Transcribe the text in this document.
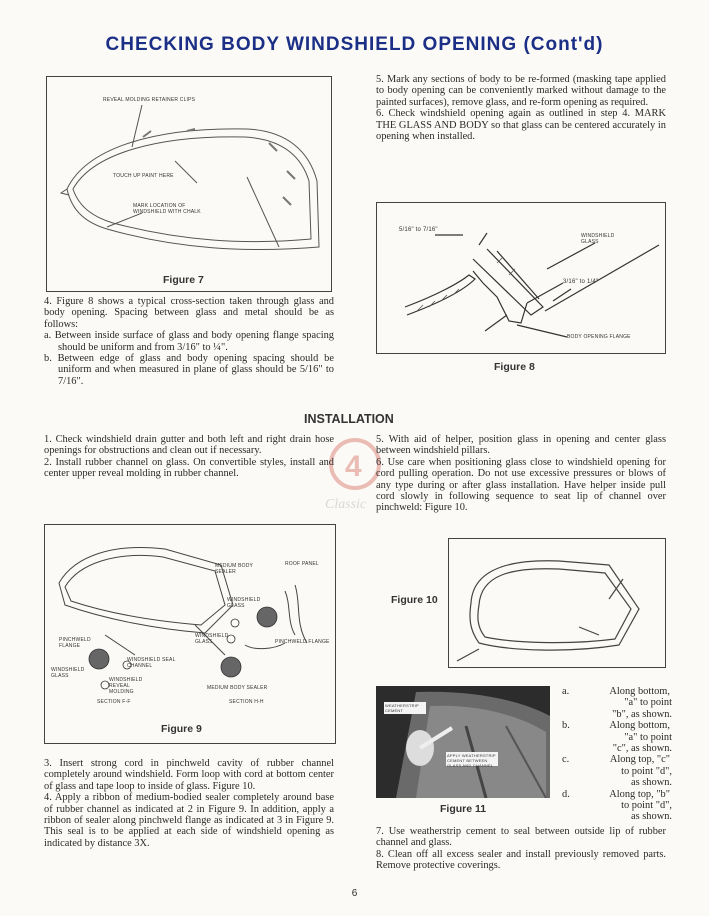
CHECKING BODY WINDSHIELD OPENING (Cont'd)
REVEAL MOLDING RETAINER CLIPS
TOUCH UP PAINT HERE
MARK LOCATION OF WINDSHIELD WITH CHALK
Figure 7

4. Figure 8 shows a typical cross-section taken through glass and body opening. Spacing between glass and metal should be as follows:

a. Between inside surface of glass and body opening flange spacing should be uniform and from 3/16" to ¼".

b. Between edge of glass and body opening spacing should be uniform and when measured in plane of glass should be 5/16" to 7/16".

5. Mark any sections of body to be re-formed (masking tape applied to body opening can be conveniently marked without damage to the painted surfaces), remove glass, and re-form opening as required.

6. Check windshield opening again as outlined in step 4. MARK THE GLASS AND BODY so that glass can be centered accurately in opening when installed.

5/16" to 7/16"
WINDSHIELD GLASS
3/16" to 1/4"
BODY OPENING FLANGE
Figure 8
INSTALLATION
4
Classic

1. Check windshield drain gutter and both left and right drain hose openings for obstructions and clean out if necessary.

2. Install rubber channel on glass. On convertible styles, install and center upper reveal molding in rubber channel.

5. With aid of helper, position glass in opening and center glass between windshield pillars.

6. Use care when positioning glass close to windshield opening for cord pulling operation. Do not use excessive pressures or blows of any type during or after glass installation. Have helper inside pull cord slowly in following sequence to seat lip of channel over pinchweld: Figure 10.

MEDIUM BODY SEALER
ROOF PANEL
WINDSHIELD GLASS
WINDSHIELD GLASS	PINCHWELD FLANGE
PINCHWELD FLANGE
WINDSHIELD REVEAL MOLDING
WINDSHIELD SEAL CHANNEL
WINDSHIELD GLASS
MEDIUM BODY SEALER
SECTION F-F	SECTION H-H
Figure 9
Figure 10
WEATHERSTRIP CEMENT APPLICATOR
APPLY WEATHERSTRIP CEMENT BETWEEN GLASS AND CHANNEL
Figure 11
a.	Along bottom,
"a" to point
"b", as shown.
b.	Along bottom,
"a" to point
"c", as shown.
c.	Along top, "c"
to point "d",
as shown.
d.	Along top, "b"
to point "d",
as shown.

3. Insert strong cord in pinchweld cavity of rubber channel completely around windshield. Form loop with cord at bottom center of glass and tape loop to inside of glass. Figure 10.

4. Apply a ribbon of medium-bodied sealer completely around base of rubber channel as indicated at 2 in Figure 9. In addition, apply a ribbon of sealer along pinchweld flange as indicated at 3 in Figure 9. This seal is to be applied at each side of windshield opening as indicated by distance 3X.

7. Use weatherstrip cement to seal between outside lip of rubber channel and glass.

8. Clean off all excess sealer and install previously removed parts. Remove protective coverings.

6
